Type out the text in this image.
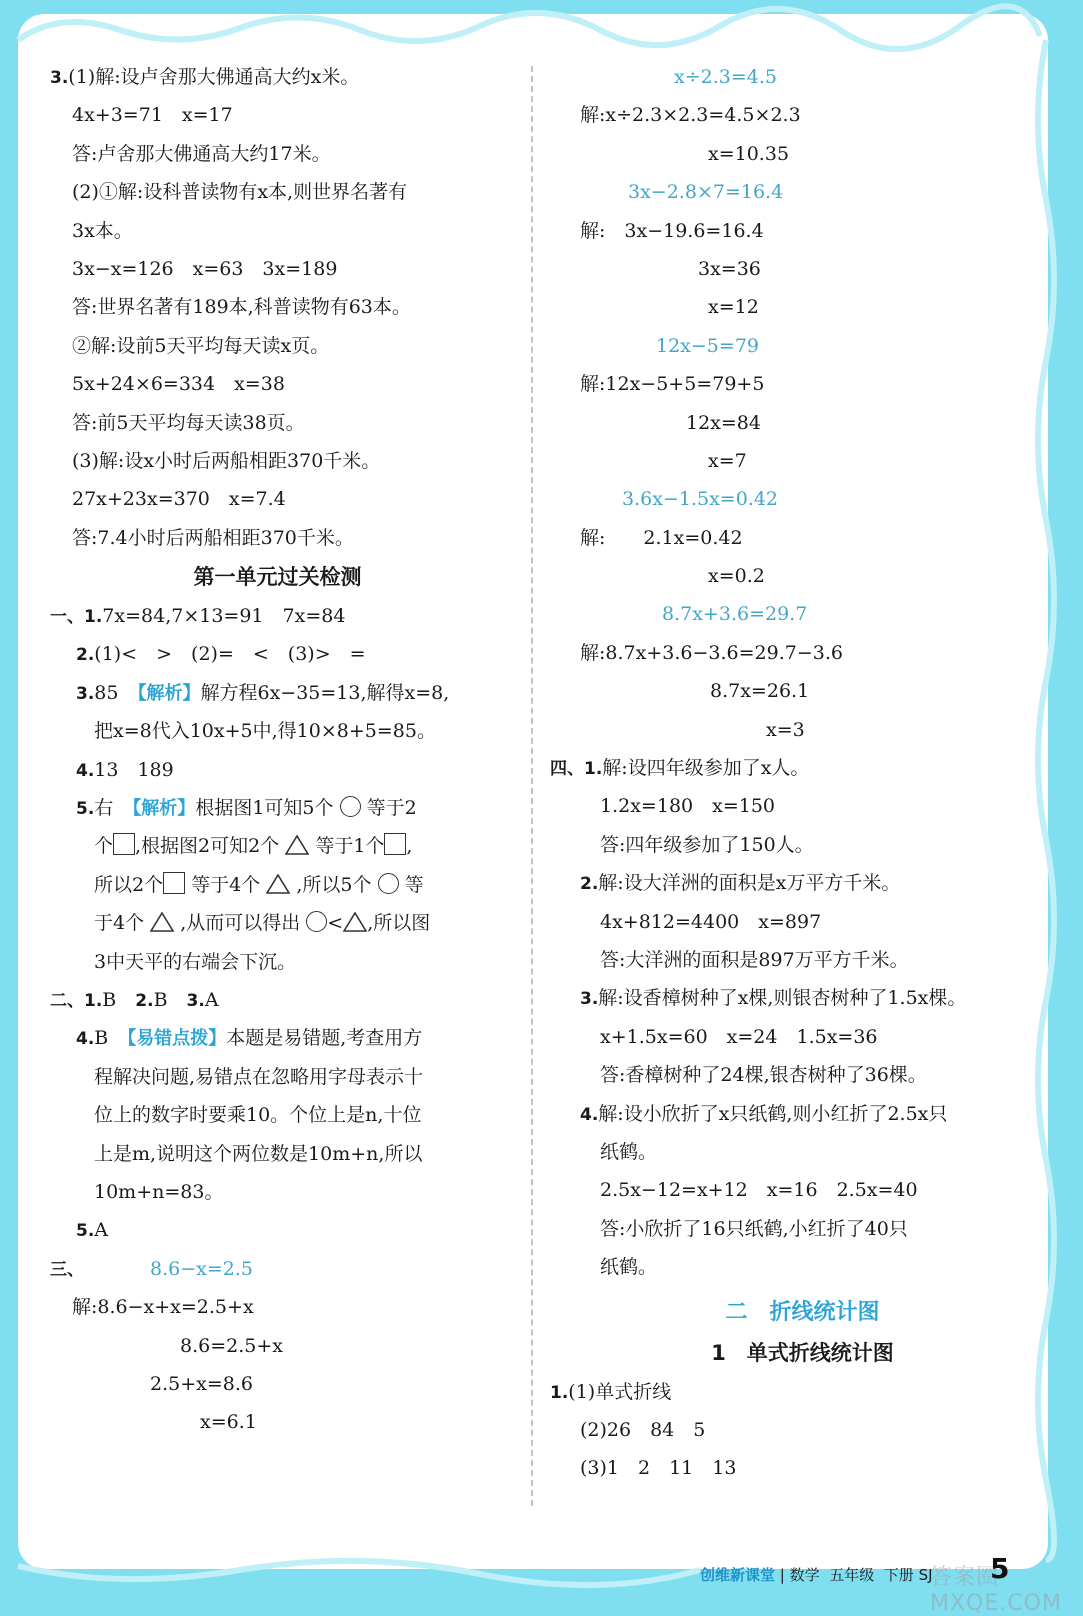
3.(1)解:设卢舍那大佛通高大约x米。
4x+3=71　x=17
答:卢舍那大佛通高大约17米。
(2)①解:设科普读物有x本,则世界名著有
3x本。
3x−x=126　x=63　3x=189
答:世界名著有189本,科普读物有63本。
②解:设前5天平均每天读x页。
5x+24×6=334　x=38
答:前5天平均每天读38页。
(3)解:设x小时后两船相距370千米。
27x+23x=370　x=7.4
答:7.4小时后两船相距370千米。
第一单元过关检测
一、1.7x=84,7×13=91　7x=84
2.(1)<　>　(2)=　<　(3)>　=
3.85　【解析】解方程6x−35=13,解得x=8,
把x=8代入10x+5中,得10×8+5=85。
4.13　189
5.右　【解析】根据图1可知5个 等于2
个 ,根据图2可知2个 等于1个 ,
所以2个 等于4个 ,所以5个 等
于4个 ,从而可以得出 < ,所以图
3中天平的右端会下沉。
二、1.B　2.B　3.A
4.B　【易错点拨】本题是易错题,考查用方
程解决问题,易错点在忽略用字母表示十
位上的数字时要乘10。个位上是n,十位
上是m,说明这个两位数是10m+n,所以
10m+n=83。
5.A
三、	8.6−x=2.5
解:8.6−x+x=2.5+x
8.6=2.5+x
2.5+x=8.6
x=6.1
x÷2.3=4.5
解:x÷2.3×2.3=4.5×2.3
x=10.35
3x−2.8×7=16.4
解:　3x−19.6=16.4
3x=36
x=12
12x−5=79
解:12x−5+5=79+5
12x=84
x=7
3.6x−1.5x=0.42
解:　　2.1x=0.42
x=0.2
8.7x+3.6=29.7
解:8.7x+3.6−3.6=29.7−3.6
8.7x=26.1
x=3
四、1.解:设四年级参加了x人。
1.2x=180　x=150
答:四年级参加了150人。
2.解:设大洋洲的面积是x万平方千米。
4x+812=4400　x=897
答:大洋洲的面积是897万平方千米。
3.解:设香樟树种了x棵,则银杏树种了1.5x棵。
x+1.5x=60　x=24　1.5x=36
答:香樟树种了24棵,银杏树种了36棵。
4.解:设小欣折了x只纸鹤,则小红折了2.5x只
纸鹤。
2.5x−12=x+12　x=16　2.5x=40
答:小欣折了16只纸鹤,小红折了40只
纸鹤。
二　折线统计图
1　单式折线统计图
1.(1)单式折线
(2)26　84　5
(3)1　2　11　13
创维新课堂 | 数学 五年级 下册 SJ
答案圈 MXQE.COM
5
